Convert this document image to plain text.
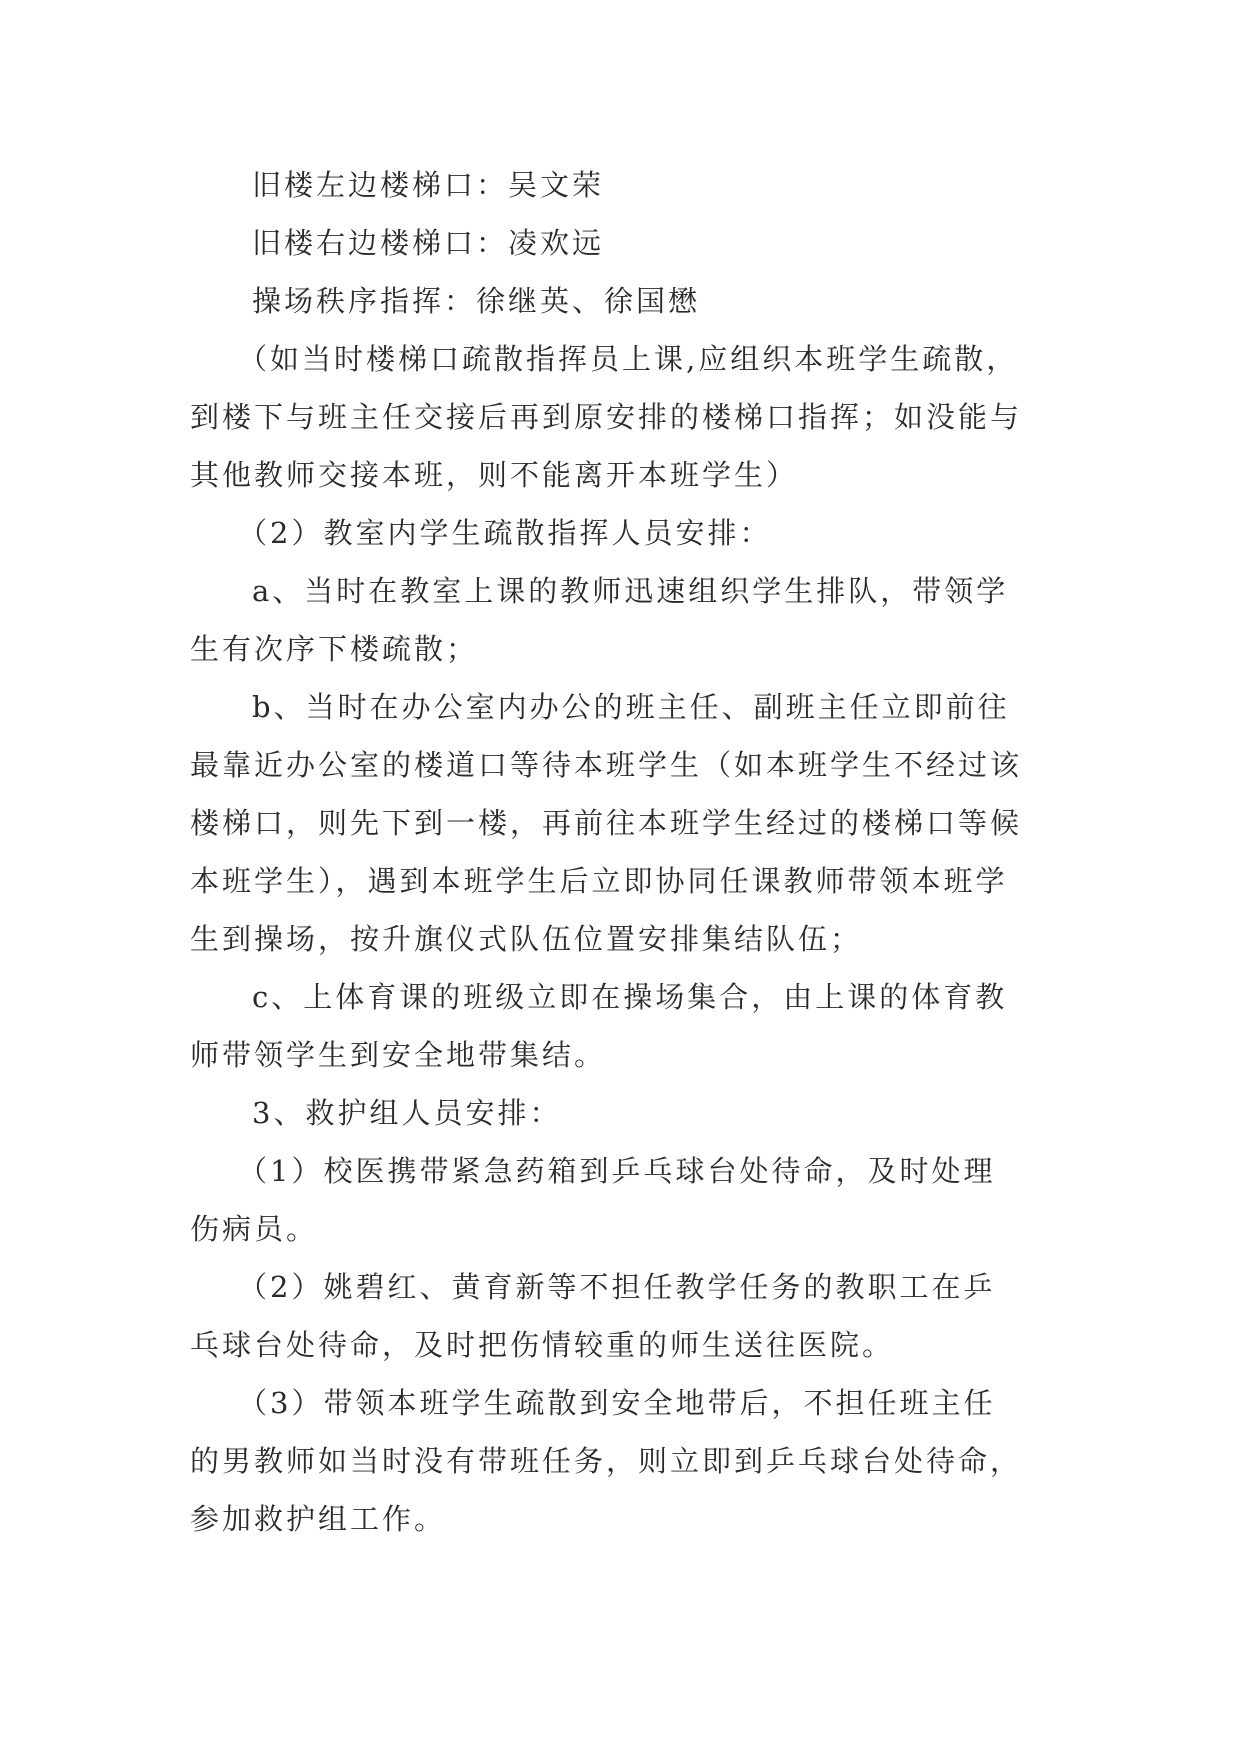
旧楼左边楼梯口：吴文荣
旧楼右边楼梯口：凌欢远
操场秩序指挥：徐继英、徐国懋
（如当时楼梯口疏散指挥员上课,应组织本班学生疏散，
到楼下与班主任交接后再到原安排的楼梯口指挥；如没能与
其他教师交接本班，则不能离开本班学生）
（2）教室内学生疏散指挥人员安排：
a、当时在教室上课的教师迅速组织学生排队，带领学
生有次序下楼疏散；
b、当时在办公室内办公的班主任、副班主任立即前往
最靠近办公室的楼道口等待本班学生（如本班学生不经过该
楼梯口，则先下到一楼，再前往本班学生经过的楼梯口等候
本班学生），遇到本班学生后立即协同任课教师带领本班学
生到操场，按升旗仪式队伍位置安排集结队伍；
c、上体育课的班级立即在操场集合，由上课的体育教
师带领学生到安全地带集结。
3、救护组人员安排：
（1）校医携带紧急药箱到乒乓球台处待命，及时处理
伤病员。
（2）姚碧红、黄育新等不担任教学任务的教职工在乒
乓球台处待命，及时把伤情较重的师生送往医院。
（3）带领本班学生疏散到安全地带后，不担任班主任
的男教师如当时没有带班任务，则立即到乒乓球台处待命，
参加救护组工作。
